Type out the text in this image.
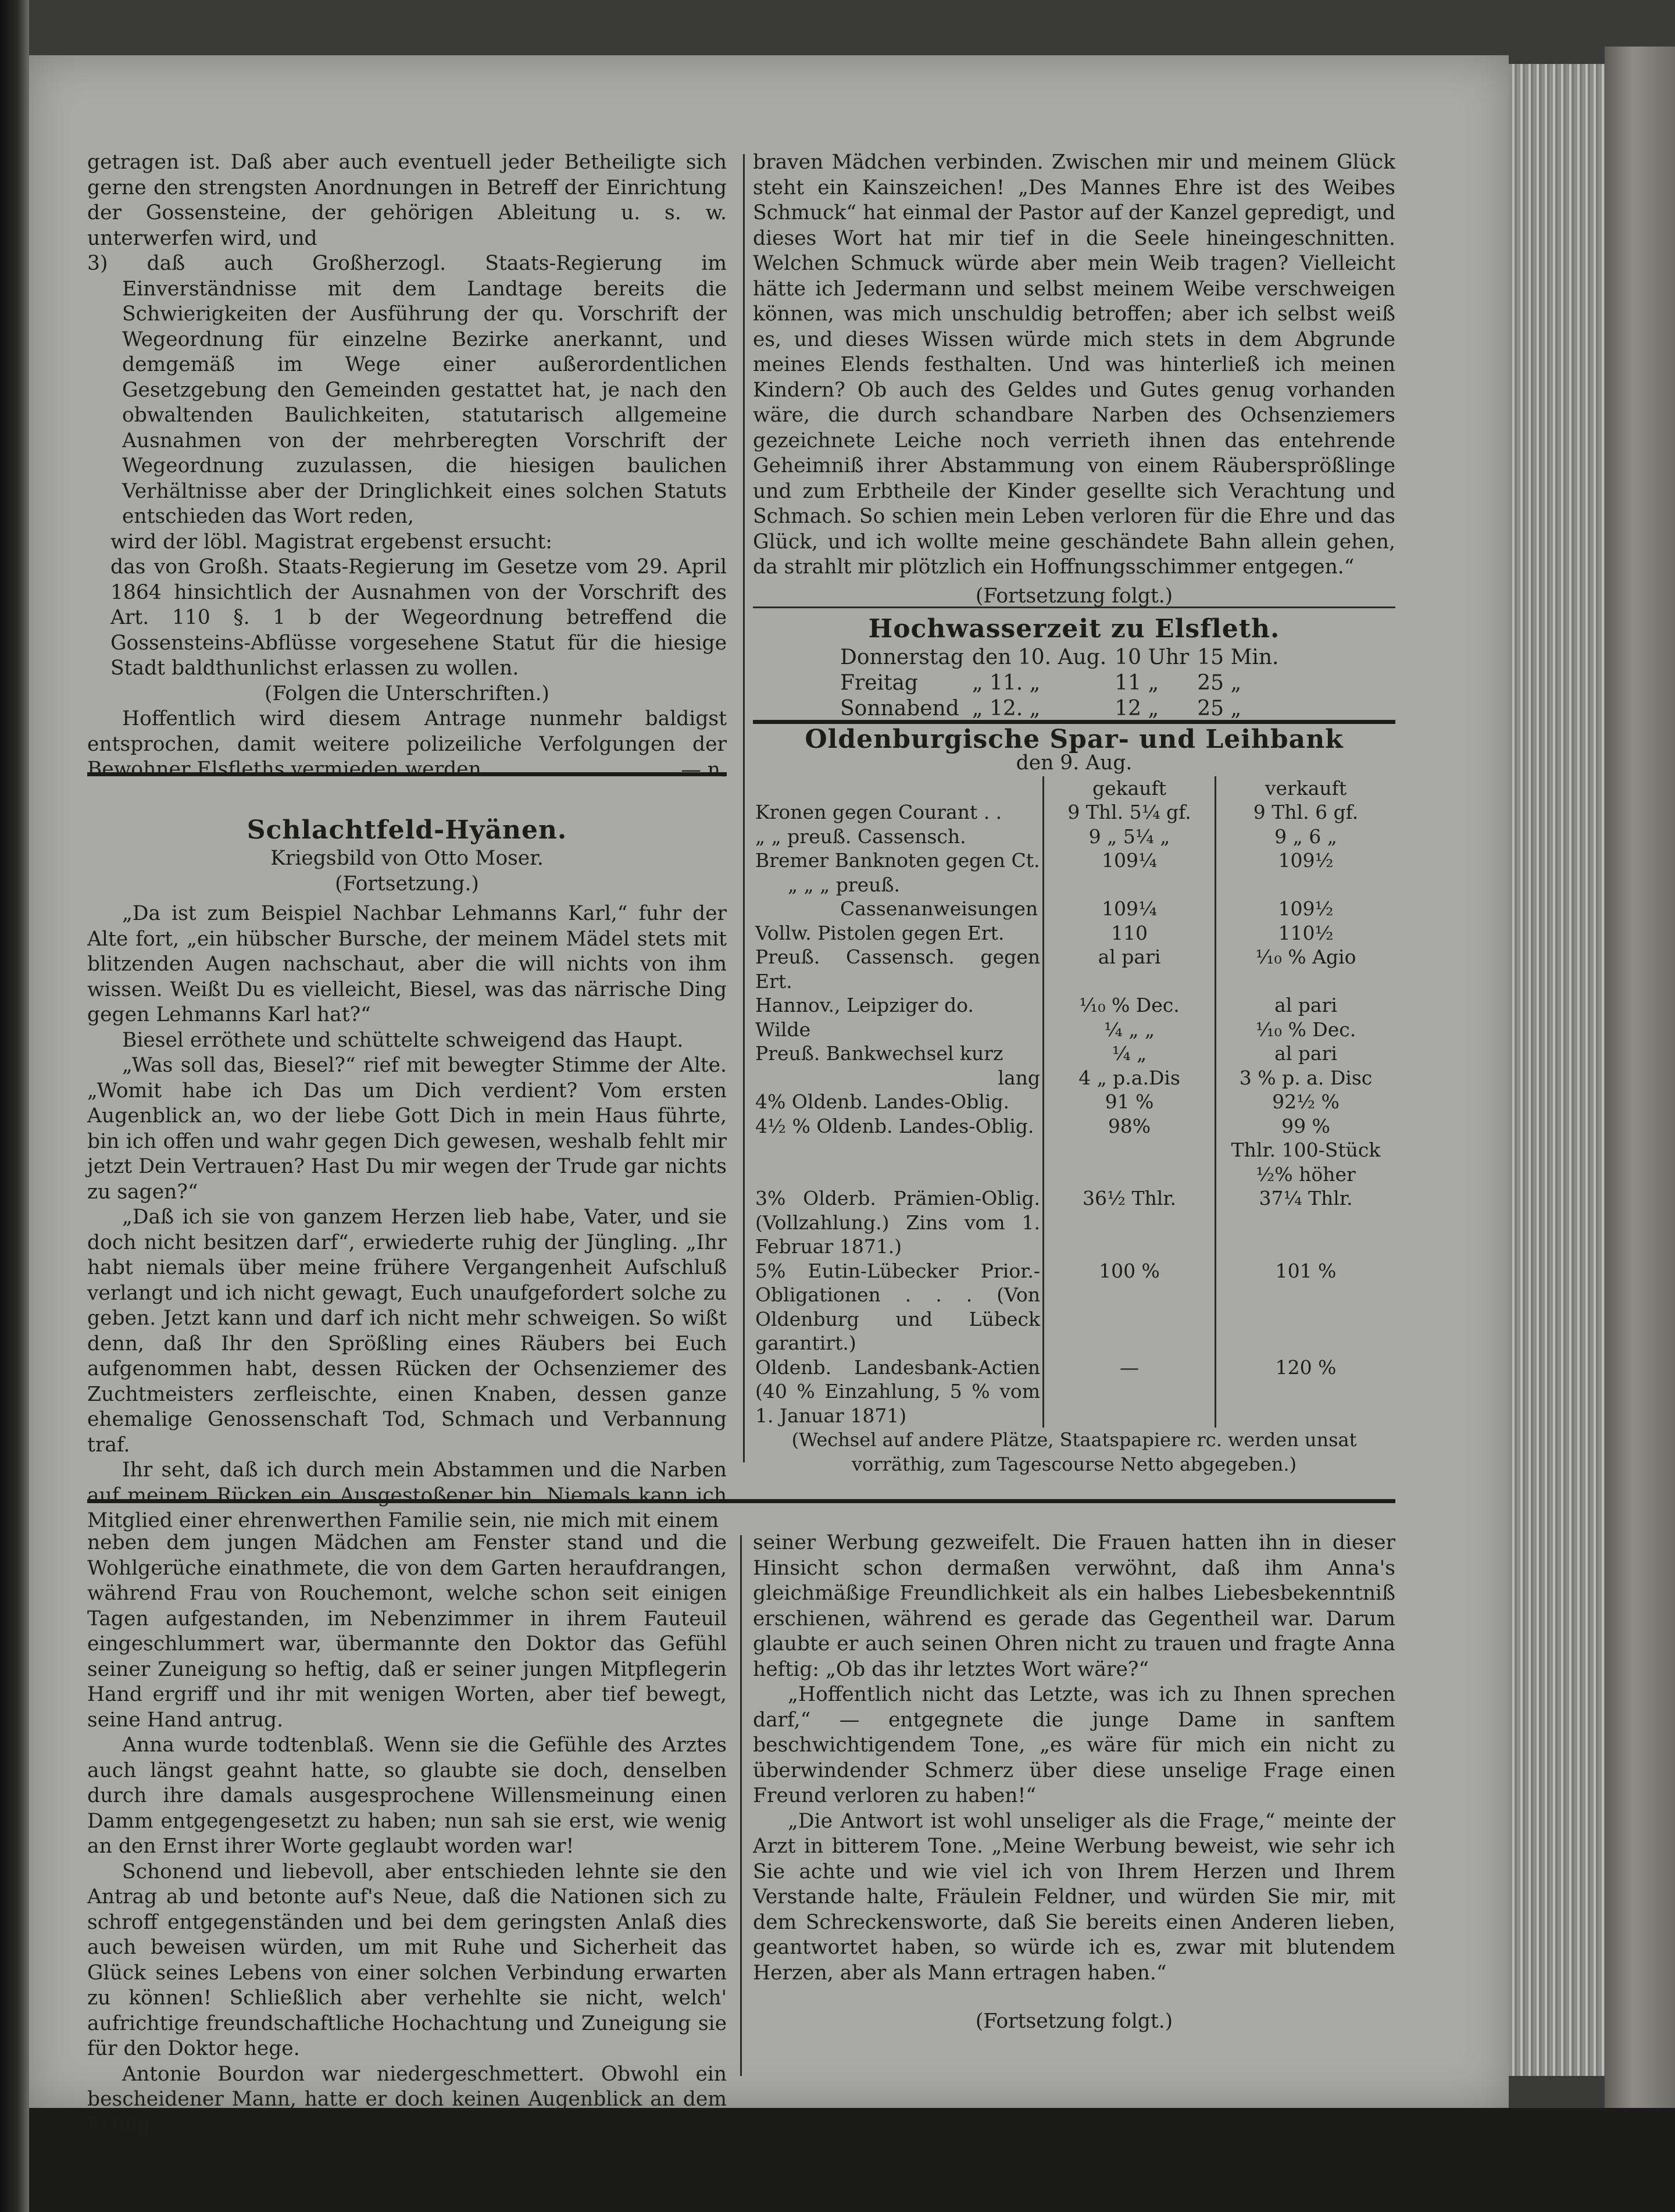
getragen ist. Daß aber auch eventuell jeder Betheiligte sich gerne den strengsten Anordnungen in Betreff der Einrichtung der Gossensteine, der gehörigen Ableitung u. s. w. unterwerfen wird, und

3) daß auch Großherzogl. Staats-Regierung im Einverständnisse mit dem Landtage bereits die Schwierigkeiten der Ausführung der qu. Vorschrift der Wegeordnung für einzelne Bezirke anerkannt, und demgemäß im Wege einer außerordentlichen Gesetzgebung den Gemeinden gestattet hat, je nach den obwaltenden Baulichkeiten, statutarisch allgemeine Ausnahmen von der mehrberegten Vorschrift der Wegeordnung zuzulassen, die hiesigen baulichen Verhältnisse aber der Dringlichkeit eines solchen Statuts entschieden das Wort reden,

wird der löbl. Magistrat ergebenst ersucht:

das von Großh. Staats-Regierung im Gesetze vom 29. April 1864 hinsichtlich der Ausnahmen von der Vorschrift des Art. 110 §. 1 b der Wegeordnung betreffend die Gossensteins-Abflüsse vorgesehene Statut für die hiesige Stadt baldthunlichst erlassen zu wollen.

(Folgen die Unterschriften.)

Hoffentlich wird diesem Antrage nunmehr baldigst entsprochen, damit weitere polizeiliche Verfolgungen der Bewohner Elsfleths vermieden werden.	— n.

Schlachtfeld-Hyänen.

Kriegsbild von Otto Moser.

(Fortsetzung.)

„Da ist zum Beispiel Nachbar Lehmanns Karl,“ fuhr der Alte fort, „ein hübscher Bursche, der meinem Mädel stets mit blitzenden Augen nachschaut, aber die will nichts von ihm wissen. Weißt Du es vielleicht, Biesel, was das närrische Ding gegen Lehmanns Karl hat?“

Biesel erröthete und schüttelte schweigend das Haupt.

„Was soll das, Biesel?“ rief mit bewegter Stimme der Alte. „Womit habe ich Das um Dich verdient? Vom ersten Augenblick an, wo der liebe Gott Dich in mein Haus führte, bin ich offen und wahr gegen Dich gewesen, weshalb fehlt mir jetzt Dein Vertrauen? Hast Du mir wegen der Trude gar nichts zu sagen?“

„Daß ich sie von ganzem Herzen lieb habe, Vater, und sie doch nicht besitzen darf“, erwiederte ruhig der Jüngling. „Ihr habt niemals über meine frühere Vergangenheit Aufschluß verlangt und ich nicht gewagt, Euch unaufgefordert solche zu geben. Jetzt kann und darf ich nicht mehr schweigen. So wißt denn, daß Ihr den Sprößling eines Räubers bei Euch aufgenommen habt, dessen Rücken der Ochsenziemer des Zuchtmeisters zerfleischte, einen Knaben, dessen ganze ehemalige Genossenschaft Tod, Schmach und Verbannung traf.

Ihr seht, daß ich durch mein Abstammen und die Narben auf meinem Rücken ein Ausgestoßener bin. Niemals kann ich Mitglied einer ehrenwerthen Familie sein, nie mich mit einem

braven Mädchen verbinden. Zwischen mir und meinem Glück steht ein Kainszeichen! „Des Mannes Ehre ist des Weibes Schmuck“ hat einmal der Pastor auf der Kanzel gepredigt, und dieses Wort hat mir tief in die Seele hineingeschnitten. Welchen Schmuck würde aber mein Weib tragen? Vielleicht hätte ich Jedermann und selbst meinem Weibe verschweigen können, was mich unschuldig betroffen; aber ich selbst weiß es, und dieses Wissen würde mich stets in dem Abgrunde meines Elends festhalten. Und was hinterließ ich meinen Kindern? Ob auch des Geldes und Gutes genug vorhanden wäre, die durch schandbare Narben des Ochsenziemers gezeichnete Leiche noch verrieth ihnen das entehrende Geheimniß ihrer Abstammung von einem Räubersprößlinge und zum Erbtheile der Kinder gesellte sich Verachtung und Schmach. So schien mein Leben verloren für die Ehre und das Glück, und ich wollte meine geschändete Bahn allein gehen, da strahlt mir plötzlich ein Hoffnungsschimmer entgegen.“

(Fortsetzung folgt.)

Hochwasserzeit zu Elsfleth.

Donnerstag	den 10. Aug.	10 Uhr	15 Min.
Freitag	„ 11. „	11 „	25 „
Sonnabend	„ 12. „	12 „	25 „

Oldenburgische Spar- und Leihbank

den 9. Aug.

	gekauft	verkauft
Kronen gegen Courant . .	9 Thl. 5¼ gf.	9 Thl. 6 gf.
„ „ preuß. Cassensch.	9 „ 5¼ „	9 „ 6 „
Bremer Banknoten gegen Ct.	109¼	109½
„ „ „ preuß.		
Cassenanweisungen	109¼	109½
Vollw. Pistolen gegen Ert.	110	110½
Preuß. Cassensch. gegen Ert.	al pari	¹⁄₁₀ % Agio
Hannov., Leipziger do.	¹⁄₁₀ % Dec.	al pari
Wilde	¼ „ „	¹⁄₁₀ % Dec.
Preuß. Bankwechsel kurz	¼ „	al pari
lang	4 „ p.a.Dis	3 % p. a. Disc
4% Oldenb. Landes-Oblig.	91 %	92½ %
4½ % Oldenb. Landes-Oblig.	98%	99 %
		Thlr. 100-Stück ½% höher
3% Olderb. Prämien-Oblig. (Vollzahlung.) Zins vom 1. Februar 1871.)	36½ Thlr.	37¼ Thlr.
5% Eutin-Lübecker Prior.- Obligationen . . . (Von Oldenburg und Lübeck garantirt.)	100 %	101 %
Oldenb. Landesbank-Actien (40 % Einzahlung, 5 % vom 1. Januar 1871)	—	120 %

(Wechsel auf andere Plätze, Staatspapiere rc. werden unsat vorräthig, zum Tagescourse Netto abgegeben.)

neben dem jungen Mädchen am Fenster stand und die Wohlgerüche einathmete, die von dem Garten heraufdrangen, während Frau von Rouchemont, welche schon seit einigen Tagen aufgestanden, im Nebenzimmer in ihrem Fauteuil eingeschlummert war, übermannte den Doktor das Gefühl seiner Zuneigung so heftig, daß er seiner jungen Mitpflegerin Hand ergriff und ihr mit wenigen Worten, aber tief bewegt, seine Hand antrug.

Anna wurde todtenblaß. Wenn sie die Gefühle des Arztes auch längst geahnt hatte, so glaubte sie doch, denselben durch ihre damals ausgesprochene Willensmeinung einen Damm entgegengesetzt zu haben; nun sah sie erst, wie wenig an den Ernst ihrer Worte geglaubt worden war!

Schonend und liebevoll, aber entschieden lehnte sie den Antrag ab und betonte auf's Neue, daß die Nationen sich zu schroff entgegenständen und bei dem geringsten Anlaß dies auch beweisen würden, um mit Ruhe und Sicherheit das Glück seines Lebens von einer solchen Verbindung erwarten zu können! Schließlich aber verhehlte sie nicht, welch' aufrichtige freundschaftliche Hochachtung und Zuneigung sie für den Doktor hege.

Antonie Bourdon war niedergeschmettert. Obwohl ein bescheidener Mann, hatte er doch keinen Augenblick an dem Erfolg

seiner Werbung gezweifelt. Die Frauen hatten ihn in dieser Hinsicht schon dermaßen verwöhnt, daß ihm Anna's gleichmäßige Freundlichkeit als ein halbes Liebesbekenntniß erschienen, während es gerade das Gegentheil war. Darum glaubte er auch seinen Ohren nicht zu trauen und fragte Anna heftig: „Ob das ihr letztes Wort wäre?“

„Hoffentlich nicht das Letzte, was ich zu Ihnen sprechen darf,“ — entgegnete die junge Dame in sanftem beschwichtigendem Tone, „es wäre für mich ein nicht zu überwindender Schmerz über diese unselige Frage einen Freund verloren zu haben!“

„Die Antwort ist wohl unseliger als die Frage,“ meinte der Arzt in bitterem Tone. „Meine Werbung beweist, wie sehr ich Sie achte und wie viel ich von Ihrem Herzen und Ihrem Verstande halte, Fräulein Feldner, und würden Sie mir, mit dem Schreckensworte, daß Sie bereits einen Anderen lieben, geantwortet haben, so würde ich es, zwar mit blutendem Herzen, aber als Mann ertragen haben.“

(Fortsetzung folgt.)
